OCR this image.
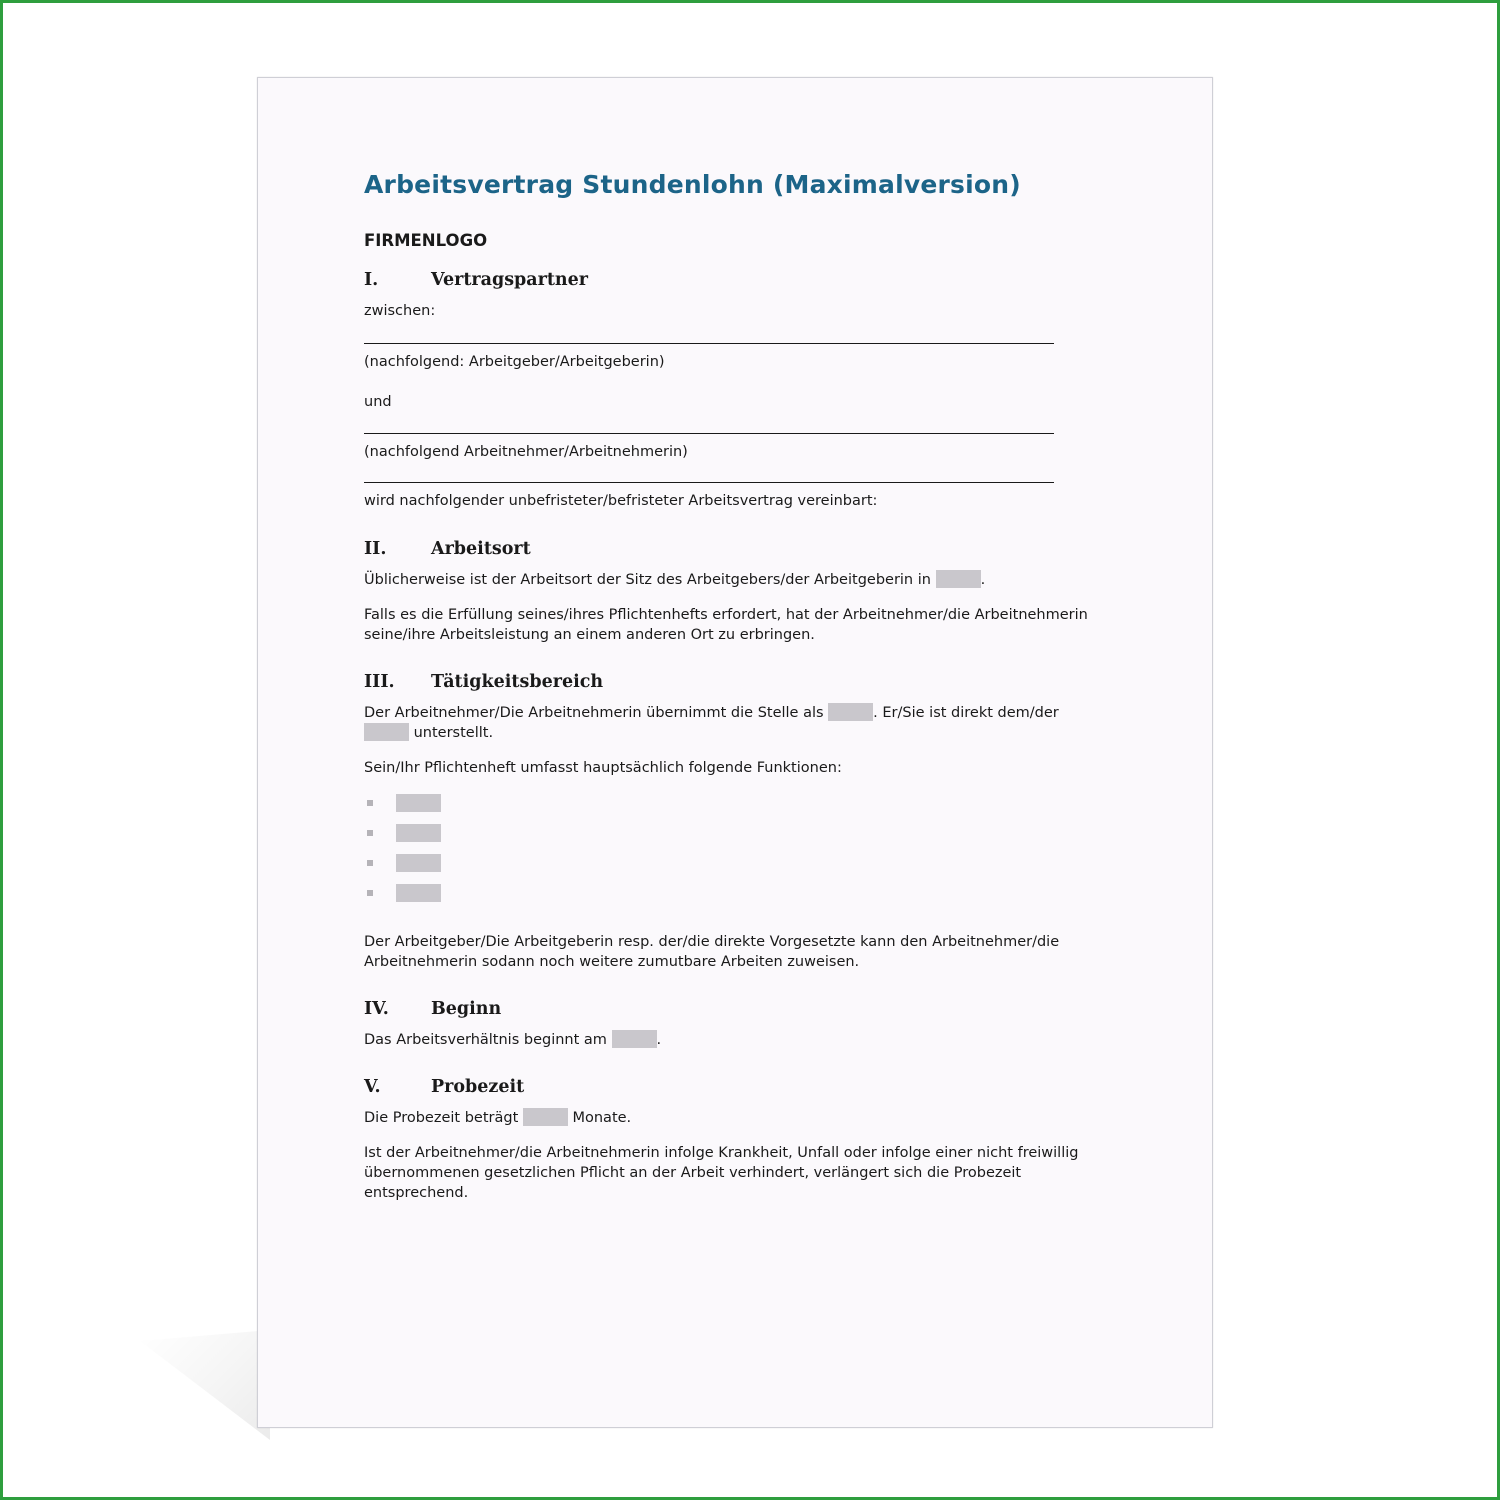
Arbeitsvertrag Stundenlohn (Maximalversion)
FIRMENLOGO
I.	Vertragspartner

zwischen:

(nachfolgend: Arbeitgeber/Arbeitgeberin)

und

(nachfolgend Arbeitnehmer/Arbeitnehmerin)

wird nachfolgender unbefristeter/befristeter Arbeitsvertrag vereinbart:

II.	Arbeitsort

Üblicherweise ist der Arbeitsort der Sitz des Arbeitgebers/der Arbeitgeberin in	.

Falls es die Erfüllung seines/ihres Pflichtenhefts erfordert, hat der Arbeitnehmer/die Arbeitnehmerin seine/ihre Arbeitsleistung an einem anderen Ort zu erbringen.

III.	Tätigkeitsbereich

Der Arbeitnehmer/Die Arbeitnehmerin übernimmt die Stelle als	. Er/Sie ist direkt dem/der  unterstellt.

Sein/Ihr Pflichtenheft umfasst hauptsächlich folgende Funktionen:

Der Arbeitgeber/Die Arbeitgeberin resp. der/die direkte Vorgesetzte kann den Arbeitnehmer/die Arbeitnehmerin sodann noch weitere zumutbare Arbeiten zuweisen.

IV.	Beginn

Das Arbeitsverhältnis beginnt am	.

V.	Probezeit

Die Probezeit beträgt	Monate.

Ist der Arbeitnehmer/die Arbeitnehmerin infolge Krankheit, Unfall oder infolge einer nicht freiwillig übernommenen gesetzlichen Pflicht an der Arbeit verhindert, verlängert sich die Probezeit entsprechend.
